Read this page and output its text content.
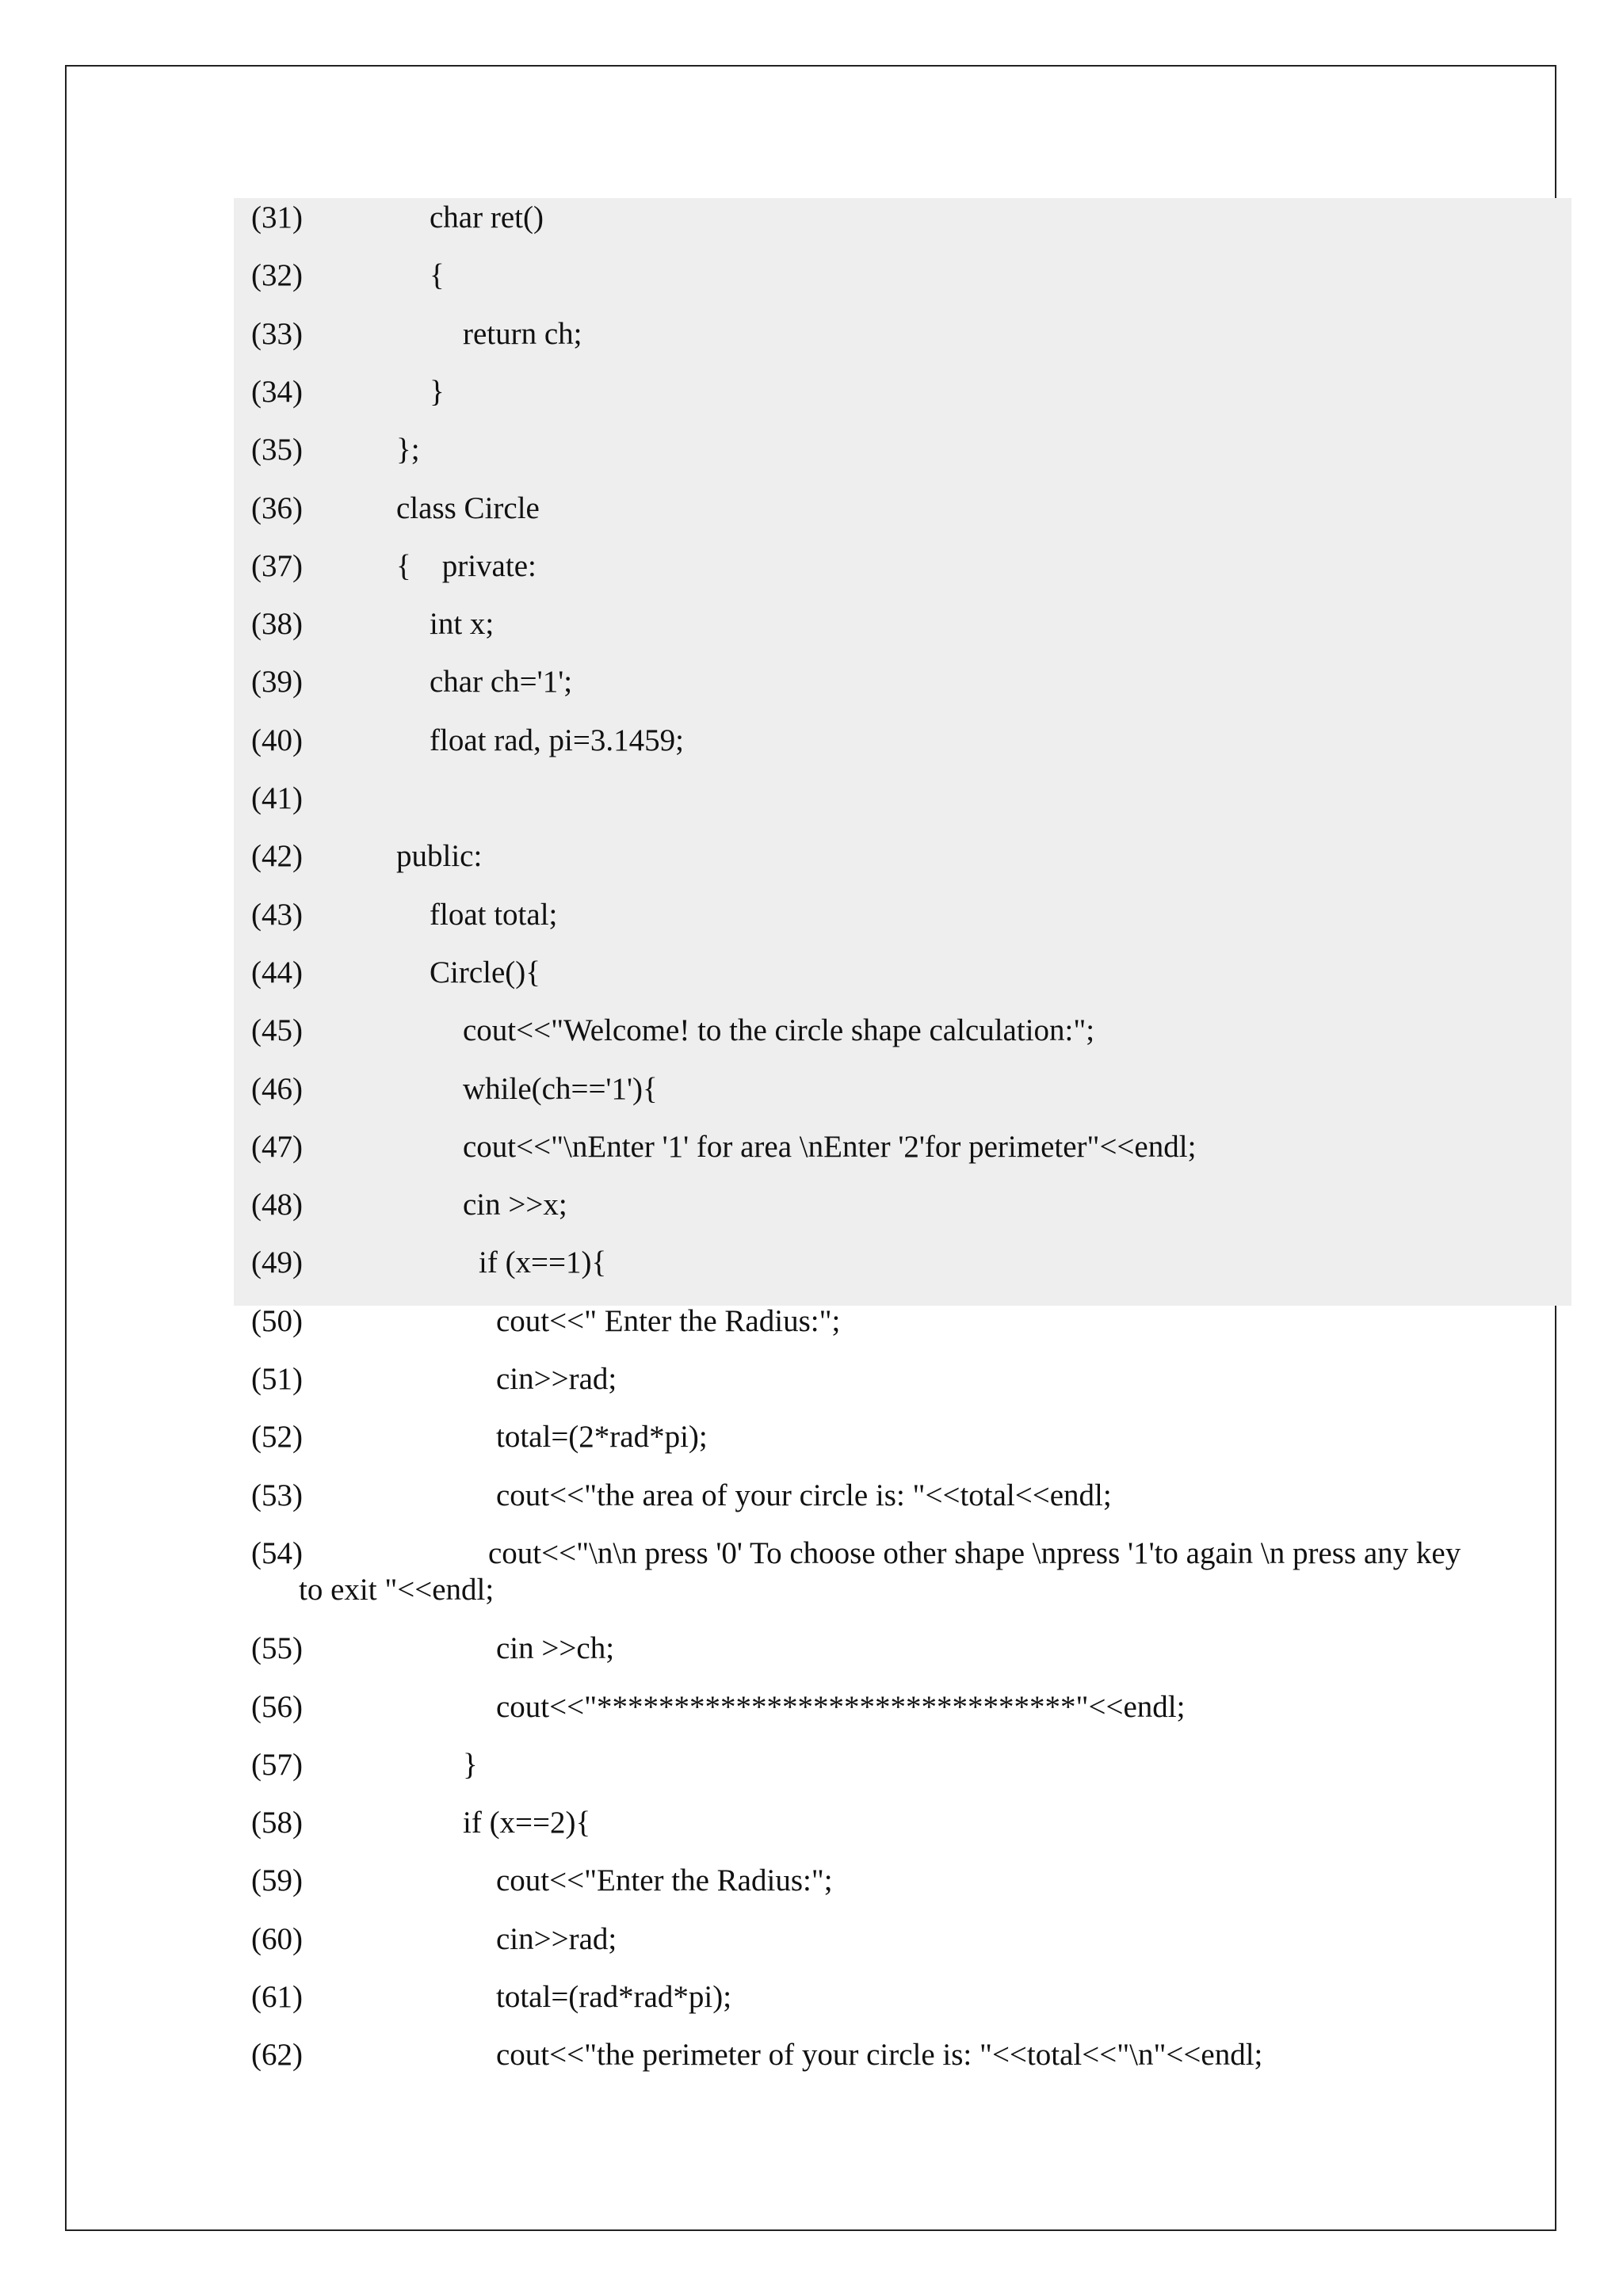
(31)	char ret()
(32)	{
(33)	return ch;
(34)	}
(35)	};
(36)	class Circle
(37)	{    private:
(38)	int x;
(39)	char ch='1';
(40)	float rad, pi=3.1459;
(41)
(42)	public:
(43)	float total;
(44)	Circle(){
(45)	cout<<"Welcome! to the circle shape calculation:";
(46)	while(ch=='1'){
(47)	cout<<"\nEnter '1' for area \nEnter '2'for perimeter"<<endl;
(48)	cin >>x;
(49)	if (x==1){
(50)	cout<<" Enter the Radius:";
(51)	cin>>rad;
(52)	total=(2*rad*pi);
(53)	cout<<"the area of your circle is: "<<total<<endl;
(54)	cout<<"\n\n press '0' To choose other shape \npress '1'to again \n press any key
to exit "<<endl;
(55)	cin >>ch;
(56)	cout<<"*******************************"<<endl;
(57)	}
(58)	if (x==2){
(59)	cout<<"Enter the Radius:";
(60)	cin>>rad;
(61)	total=(rad*rad*pi);
(62)	cout<<"the perimeter of your circle is: "<<total<<"\n"<<endl;
